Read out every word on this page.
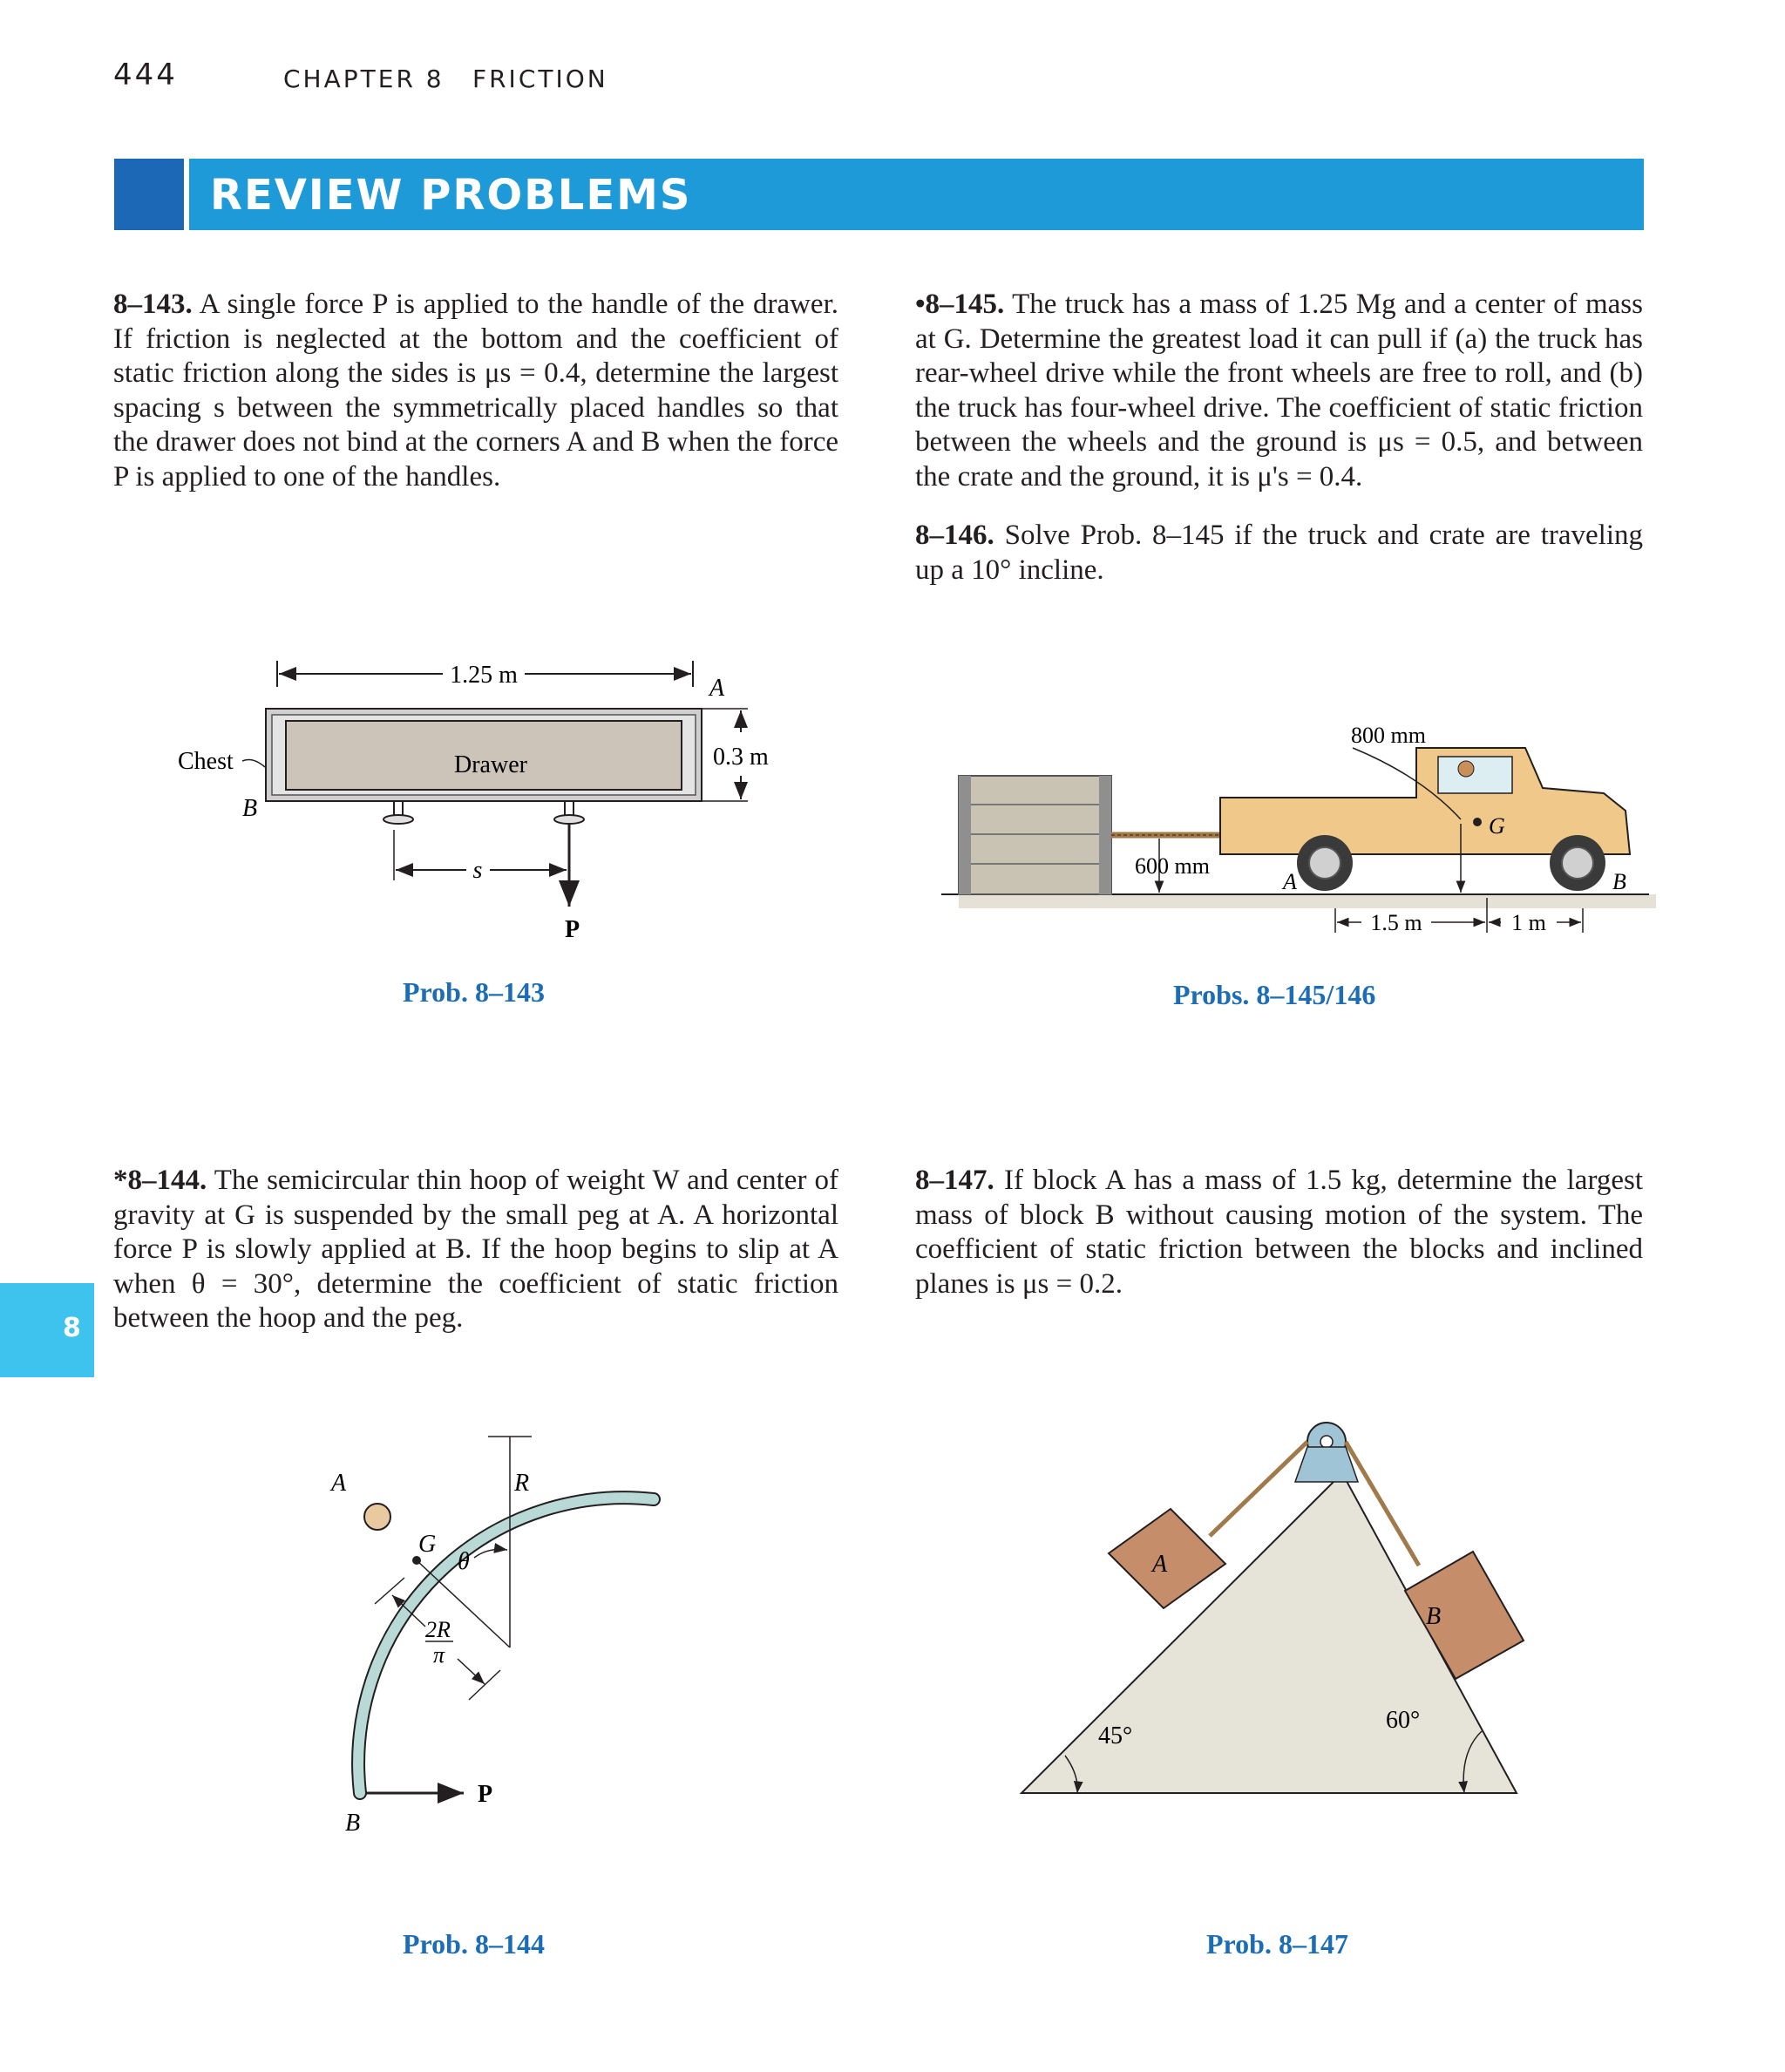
444	CHAPTER 8 FRICTION
REVIEW PROBLEMS
8–143. A single force P is applied to the handle of the drawer. If friction is neglected at the bottom and the coefficient of static friction along the sides is μs = 0.4, determine the largest spacing s between the symmetrically placed handles so that the drawer does not bind at the corners A and B when the force P is applied to one of the handles.
•8–145. The truck has a mass of 1.25 Mg and a center of mass at G. Determine the greatest load it can pull if (a) the truck has rear-wheel drive while the front wheels are free to roll, and (b) the truck has four-wheel drive. The coefficient of static friction between the wheels and the ground is μs = 0.5, and between the crate and the ground, it is μ's = 0.4.
8–146. Solve Prob. 8–145 if the truck and crate are traveling up a 10° incline.
*8–144. The semicircular thin hoop of weight W and center of gravity at G is suspended by the small peg at A. A horizontal force P is slowly applied at B. If the hoop begins to slip at A when θ = 30°, determine the coefficient of static friction between the hoop and the peg.
8–147. If block A has a mass of 1.5 kg, determine the largest mass of block B without causing motion of the system. The coefficient of static friction between the blocks and inclined planes is μs = 0.2.
8
1.25 m
Drawer
Chest
B
A
0.3 m
s
P
Prob. 8–143
G
800 mm
600 mm
A	B
1.5 m	1 m
Probs. 8–145/146
A	R
G
θ
2R
π
P
B
Prob. 8–144
A
B
45°
60°
Prob. 8–147
